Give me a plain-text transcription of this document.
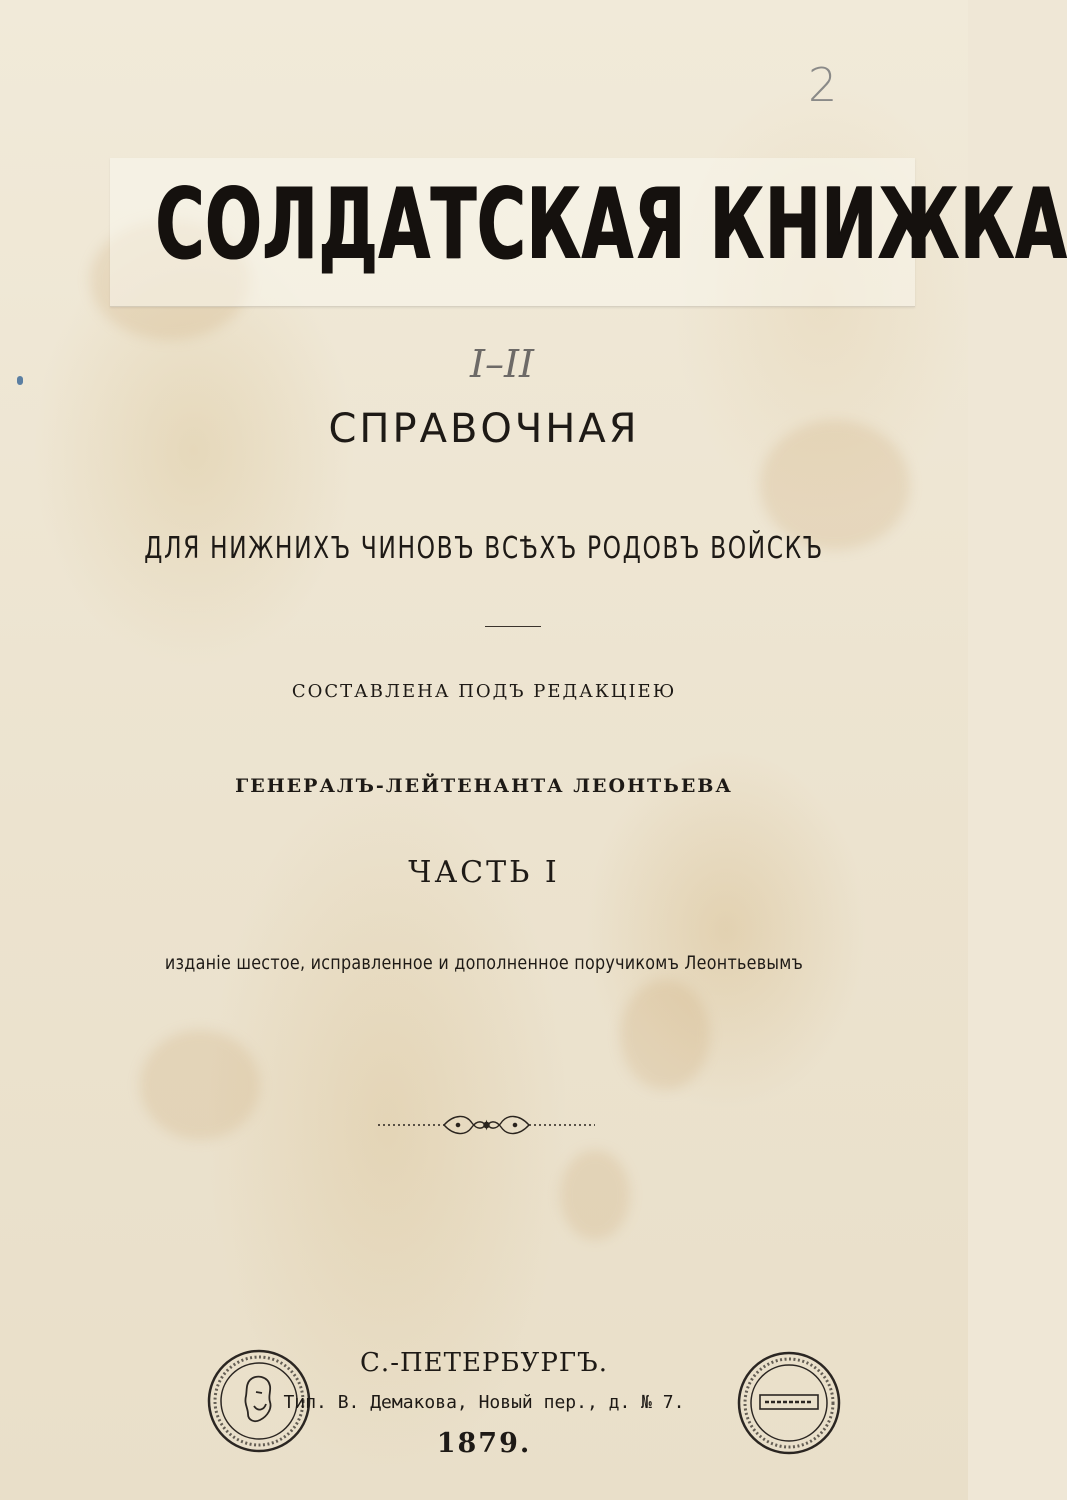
2
СОЛДАТСКАЯ КНИЖКА
I–II
СПРАВОЧНАЯ
ДЛЯ НИЖНИХЪ ЧИНОВЪ ВСѢХЪ РОДОВЪ ВОЙСКЪ
СОСТАВЛЕНА ПОДЪ РЕДАКЦІЕЮ
ГЕНЕРАЛЪ-ЛЕЙТЕНАНТА ЛЕОНТЬЕВА
ЧАСТЬ I
изданіе шестое, исправленное и дополненное поручикомъ Леонтьевымъ
С.-ПЕТЕРБУРГЪ.
Тип. В. Демакова, Новый пер., д. № 7.
1879.
